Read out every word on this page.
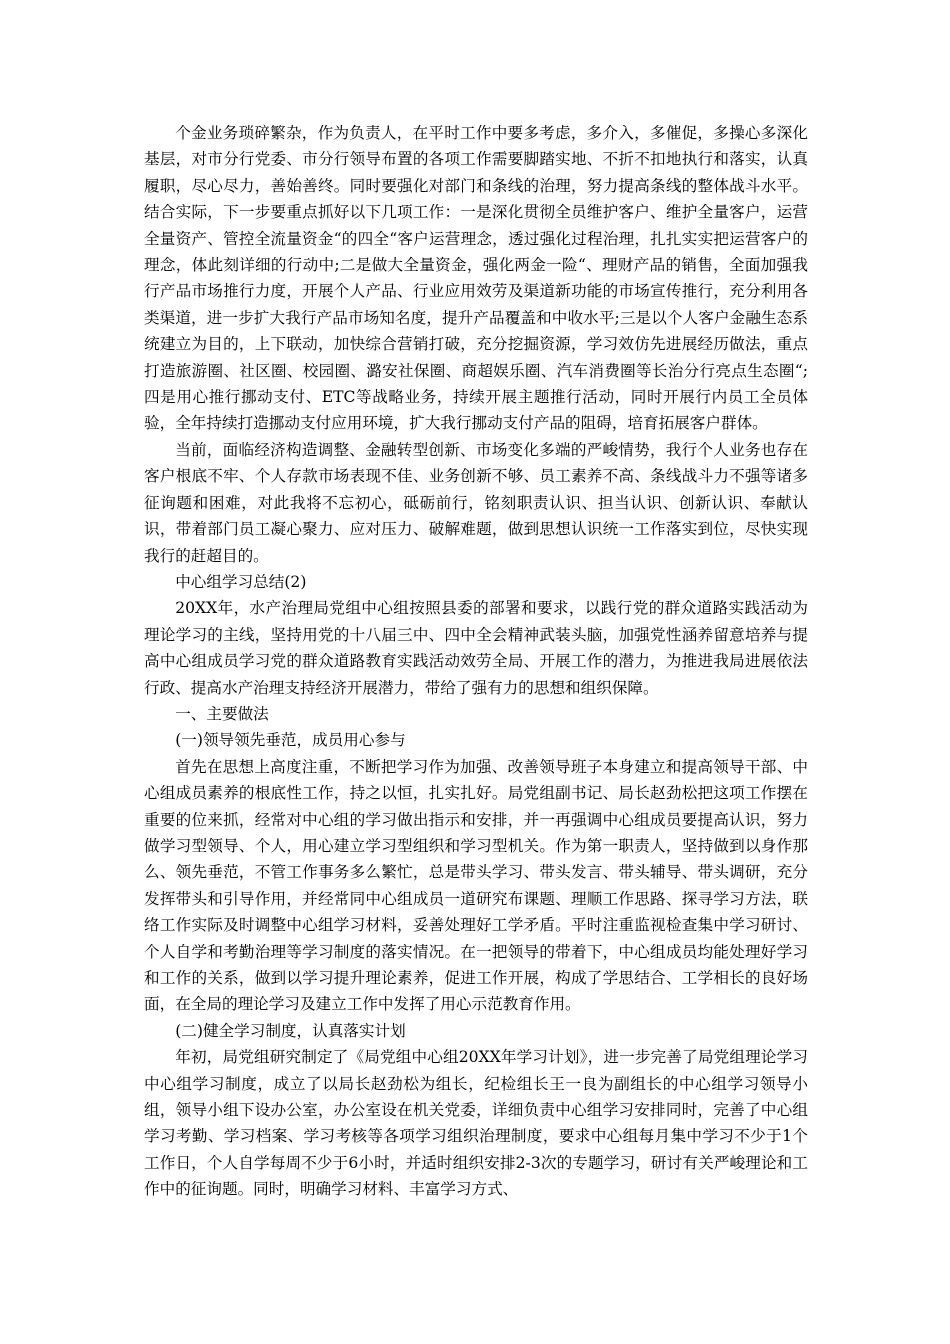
个金业务琐碎繁杂，作为负责人，在平时工作中要多考虑，多介入，多催促，多操心多深化基层，对市分行党委、市分行领导布置的各项工作需要脚踏实地、不折不扣地执行和落实，认真履职，尽心尽力，善始善终。同时要强化对部门和条线的治理，努力提高条线的整体战斗水平。结合实际，下一步要重点抓好以下几项工作：一是深化贯彻全员维护客户、维护全量客户，运营全量资产、管控全流量资金“的四全“客户运营理念，透过强化过程治理，扎扎实实把运营客户的理念，体此刻详细的行动中;二是做大全量资金，强化两金一险“、理财产品的销售，全面加强我行产品市场推行力度，开展个人产品、行业应用效劳及渠道新功能的市场宣传推行，充分利用各类渠道，进一步扩大我行产品市场知名度，提升产品覆盖和中收水平;三是以个人客户金融生态系统建立为目的，上下联动，加快综合营销打破，充分挖掘资源，学习效仿先进展经历做法，重点打造旅游圈、社区圈、校园圈、潞安社保圈、商超娱乐圈、汽车消费圈等长治分行亮点生态圈“;四是用心推行挪动支付、ETC等战略业务，持续开展主题推行活动，同时开展行内员工全员体验，全年持续打造挪动支付应用环境，扩大我行挪动支付产品的阻碍，培育拓展客户群体。

当前，面临经济构造调整、金融转型创新、市场变化多端的严峻情势，我行个人业务也存在客户根底不牢、个人存款市场表现不佳、业务创新不够、员工素养不高、条线战斗力不强等诸多征询题和困难，对此我将不忘初心，砥砺前行，铭刻职责认识、担当认识、创新认识、奉献认识，带着部门员工凝心聚力、应对压力、破解难题，做到思想认识统一工作落实到位，尽快实现我行的赶超目的。

中心组学习总结(2)

20XX年，水产治理局党组中心组按照县委的部署和要求，以践行党的群众道路实践活动为理论学习的主线，坚持用党的十八届三中、四中全会精神武装头脑，加强党性涵养留意培养与提高中心组成员学习党的群众道路教育实践活动效劳全局、开展工作的潜力，为推进我局进展依法行政、提高水产治理支持经济开展潜力，带给了强有力的思想和组织保障。

一、主要做法

(一)领导领先垂范，成员用心参与

首先在思想上高度注重，不断把学习作为加强、改善领导班子本身建立和提高领导干部、中心组成员素养的根底性工作，持之以恒，扎实扎好。局党组副书记、局长赵劲松把这项工作摆在重要的位来抓，经常对中心组的学习做出指示和安排，并一再强调中心组成员要提高认识，努力做学习型领导、个人，用心建立学习型组织和学习型机关。作为第一职责人，坚持做到以身作那么、领先垂范，不管工作事务多么繁忙，总是带头学习、带头发言、带头辅导、带头调研，充分发挥带头和引导作用，并经常同中心组成员一道研究布课题、理顺工作思路、探寻学习方法，联络工作实际及时调整中心组学习材料，妥善处理好工学矛盾。平时注重监视检查集中学习研讨、个人自学和考勤治理等学习制度的落实情况。在一把领导的带着下，中心组成员均能处理好学习和工作的关系，做到以学习提升理论素养，促进工作开展，构成了学思结合、工学相长的良好场面，在全局的理论学习及建立工作中发挥了用心示范教育作用。

(二)健全学习制度，认真落实计划

年初，局党组研究制定了《局党组中心组20XX年学习计划》，进一步完善了局党组理论学习中心组学习制度，成立了以局长赵劲松为组长，纪检组长王一良为副组长的中心组学习领导小组，领导小组下设办公室，办公室设在机关党委，详细负责中心组学习安排同时，完善了中心组学习考勤、学习档案、学习考核等各项学习组织治理制度，要求中心组每月集中学习不少于1个工作日，个人自学每周不少于6小时，并适时组织安排2-3次的专题学习，研讨有关严峻理论和工作中的征询题。同时，明确学习材料、丰富学习方式、
